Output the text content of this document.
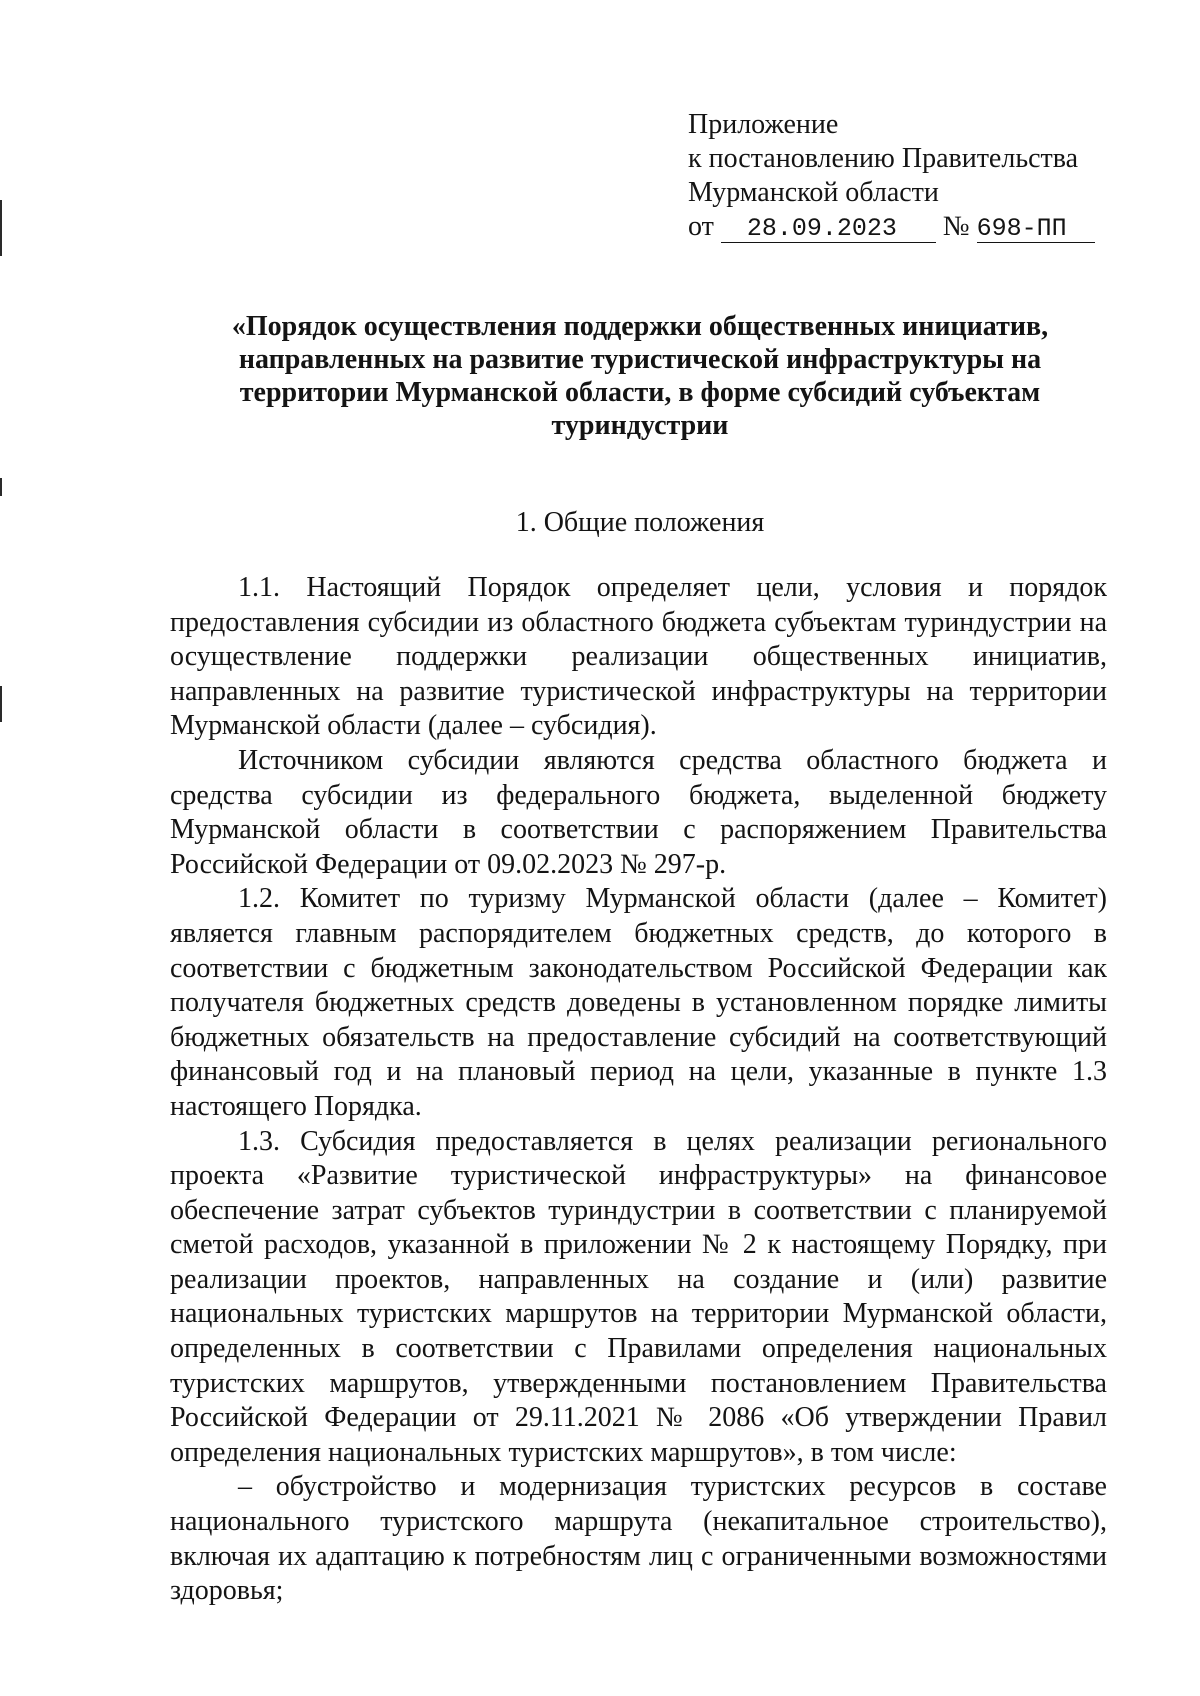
Приложение
к постановлению Правительства
Мурманской области
от 28.09.2023 № 698-ПП
«Порядок осуществления поддержки общественных инициатив, направленных на развитие туристической инфраструктуры на территории Мурманской области, в форме субсидий субъектам туриндустрии
1. Общие положения

1.1. Настоящий Порядок определяет цели, условия и порядок предоставления субсидии из областного бюджета субъектам туриндустрии на осуществление поддержки реализации общественных инициатив, направленных на развитие туристической инфраструктуры на территории Мурманской области (далее – субсидия).

Источником субсидии являются средства областного бюджета и средства субсидии из федерального бюджета, выделенной бюджету Мурманской области в соответствии с распоряжением Правительства Российской Федерации от 09.02.2023 № 297-р.

1.2. Комитет по туризму Мурманской области (далее – Комитет) является главным распорядителем бюджетных средств, до которого в соответствии с бюджетным законодательством Российской Федерации как получателя бюджетных средств доведены в установленном порядке лимиты бюджетных обязательств на предоставление субсидий на соответствующий финансовый год и на плановый период на цели, указанные в пункте 1.3 настоящего Порядка.

1.3. Субсидия предоставляется в целях реализации регионального проекта «Развитие туристической инфраструктуры» на финансовое обеспечение затрат субъектов туриндустрии в соответствии с планируемой сметой расходов, указанной в приложении № 2 к настоящему Порядку, при реализации проектов, направленных на создание и (или) развитие национальных туристских маршрутов на территории Мурманской области, определенных в соответствии с Правилами определения национальных туристских маршрутов, утвержденными постановлением Правительства Российской Федерации от 29.11.2021 № 2086 «Об утверждении Правил определения национальных туристских маршрутов», в том числе:

– обустройство и модернизация туристских ресурсов в составе национального туристского маршрута (некапитальное строительство), включая их адаптацию к потребностям лиц с ограниченными возможностями здоровья;
